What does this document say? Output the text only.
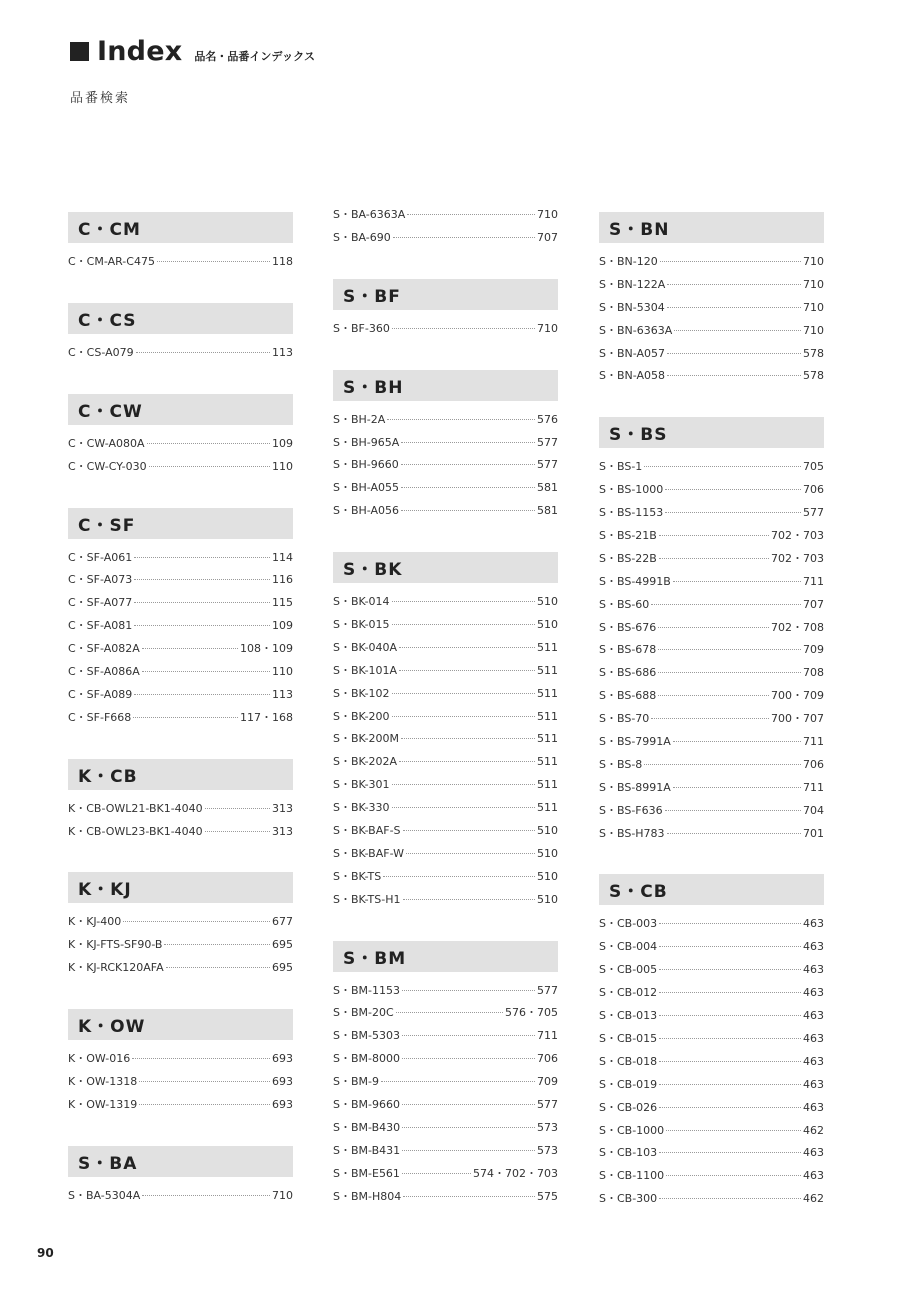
Index 品名・品番インデックス
品番検索
C・CM
C・CM-AR-C475	118
C・CS
C・CS-A079	113
C・CW
C・CW-A080A	109
C・CW-CY-030	110
C・SF
C・SF-A061	114
C・SF-A073	116
C・SF-A077	115
C・SF-A081	109
C・SF-A082A	108・109
C・SF-A086A	110
C・SF-A089	113
C・SF-F668	117・168
K・CB
K・CB-OWL21-BK1-4040	313
K・CB-OWL23-BK1-4040	313
K・KJ
K・KJ-400	677
K・KJ-FTS-SF90-B	695
K・KJ-RCK120AFA	695
K・OW
K・OW-016	693
K・OW-1318	693
K・OW-1319	693
S・BA
S・BA-5304A	710
S・BA-6363A	710
S・BA-690	707
S・BF
S・BF-360	710
S・BH
S・BH-2A	576
S・BH-965A	577
S・BH-9660	577
S・BH-A055	581
S・BH-A056	581
S・BK
S・BK-014	510
S・BK-015	510
S・BK-040A	511
S・BK-101A	511
S・BK-102	511
S・BK-200	511
S・BK-200M	511
S・BK-202A	511
S・BK-301	511
S・BK-330	511
S・BK-BAF-S	510
S・BK-BAF-W	510
S・BK-TS	510
S・BK-TS-H1	510
S・BM
S・BM-1153	577
S・BM-20C	576・705
S・BM-5303	711
S・BM-8000	706
S・BM-9	709
S・BM-9660	577
S・BM-B430	573
S・BM-B431	573
S・BM-E561	574・702・703
S・BM-H804	575
S・BN
S・BN-120	710
S・BN-122A	710
S・BN-5304	710
S・BN-6363A	710
S・BN-A057	578
S・BN-A058	578
S・BS
S・BS-1	705
S・BS-1000	706
S・BS-1153	577
S・BS-21B	702・703
S・BS-22B	702・703
S・BS-4991B	711
S・BS-60	707
S・BS-676	702・708
S・BS-678	709
S・BS-686	708
S・BS-688	700・709
S・BS-70	700・707
S・BS-7991A	711
S・BS-8	706
S・BS-8991A	711
S・BS-F636	704
S・BS-H783	701
S・CB
S・CB-003	463
S・CB-004	463
S・CB-005	463
S・CB-012	463
S・CB-013	463
S・CB-015	463
S・CB-018	463
S・CB-019	463
S・CB-026	463
S・CB-1000	462
S・CB-103	463
S・CB-1100	463
S・CB-300	462
90
